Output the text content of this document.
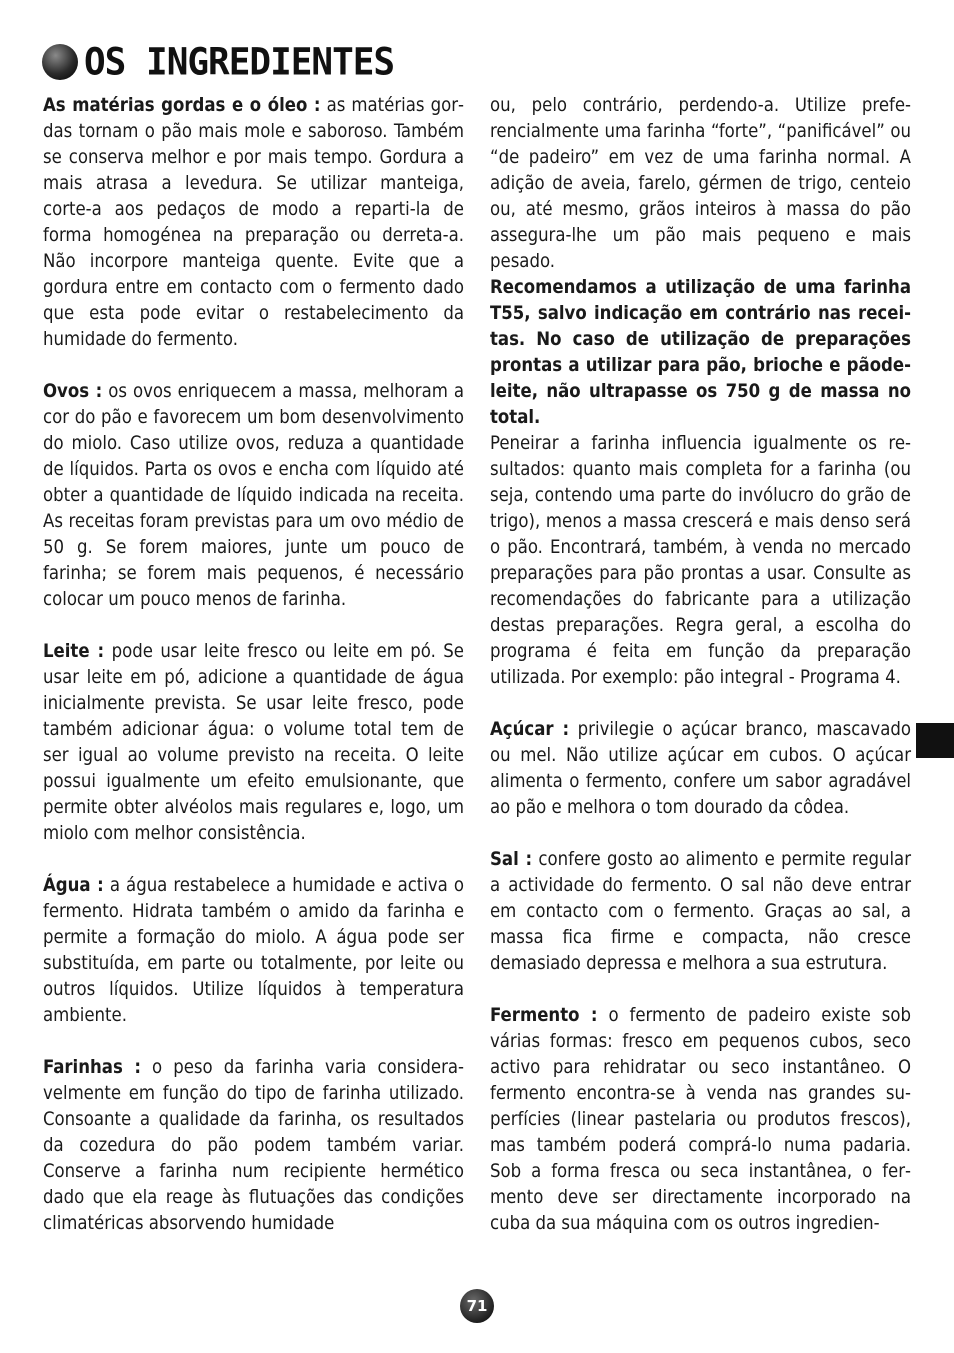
OS INGREDIENTES

As matérias gordas e o óleo : as matérias gordas tornam o pão mais mole e saboroso. Também se conserva melhor e por mais tempo. Gordura a mais atrasa a levedura. Se utilizar manteiga, corte-a aos pedaços de modo a reparti-la de forma homogénea na preparação ou derreta-a. Não incorpore manteiga quente. Evite que a gordura entre em contacto com o fermento dado que esta pode evitar o restabelecimento da humidade do fermento.

Ovos : os ovos enriquecem a massa, melhoram a cor do pão e favorecem um bom desenvolvimento do miolo. Caso utilize ovos, reduza a quantidade de líquidos. Parta os ovos e encha com líquido até obter a quantidade de líquido indicada na receita. As receitas foram previstas para um ovo médio de 50 g. Se forem maiores, junte um pouco de farinha; se forem mais pequenos, é necessário colocar um pouco menos de farinha.

Leite : pode usar leite fresco ou leite em pó. Se usar leite em pó, adicione a quantidade de água inicialmente prevista. Se usar leite fresco, pode também adicionar água: o volume total tem de ser igual ao volume previsto na receita. O leite possui igualmente um efeito emulsionante, que permite obter alvéolos mais regulares e, logo, um miolo com melhor consistência.

Água : a água restabelece a humidade e activa o fermento. Hidrata também o amido da farinha e permite a formação do miolo. A água pode ser substituída, em parte ou totalmente, por leite ou outros líquidos. Utilize líquidos à temperatura ambiente.

Farinhas : o peso da farinha varia consideravelmente em função do tipo de farinha utilizado. Consoante a qualidade da farinha, os resultados da cozedura do pão podem também variar. Conserve a farinha num recipiente hermético dado que ela reage às flutuações das condições climatéricas absorvendo humidade

ou, pelo contrário, perdendo-a. Utilize preferencialmente uma farinha “forte”, “panificável” ou “de padeiro” em vez de uma farinha normal. A adição de aveia, farelo, gérmen de trigo, centeio ou, até mesmo, grãos inteiros à massa do pão assegura-lhe um pão mais pequeno e mais pesado.

Recomendamos a utilização de uma farinha T55, salvo indicação em contrário nas receitas. No caso de utilização de preparações prontas a utilizar para pão, brioche e pãode-leite, não ultrapasse os 750 g de massa no total.

Peneirar a farinha influencia igualmente os resultados: quanto mais completa for a farinha (ou seja, contendo uma parte do invólucro do grão de trigo), menos a massa crescerá e mais denso será o pão. Encontrará, também, à venda no mercado preparações para pão prontas a usar. Consulte as recomendações do fabricante para a utilização destas preparações. Regra geral, a escolha do programa é feita em função da preparação utilizada. Por exemplo: pão integral - Programa 4.

Açúcar : privilegie o açúcar branco, mascavado ou mel. Não utilize açúcar em cubos. O açúcar alimenta o fermento, confere um sabor agradável ao pão e melhora o tom dourado da côdea.

Sal : confere gosto ao alimento e permite regular a actividade do fermento. O sal não deve entrar em contacto com o fermento. Graças ao sal, a massa fica firme e compacta, não cresce demasiado depressa e melhora a sua estrutura.

Fermento : o fermento de padeiro existe sob várias formas: fresco em pequenos cubos, seco activo para rehidratar ou seco instantâneo. O fermento encontra-se à venda nas grandes superfícies (linear pastelaria ou produtos frescos), mas também poderá comprá-lo numa padaria. Sob a forma fresca ou seca instantânea, o fermento deve ser directamente incorporado na cuba da sua máquina com os outros ingredien-

71
